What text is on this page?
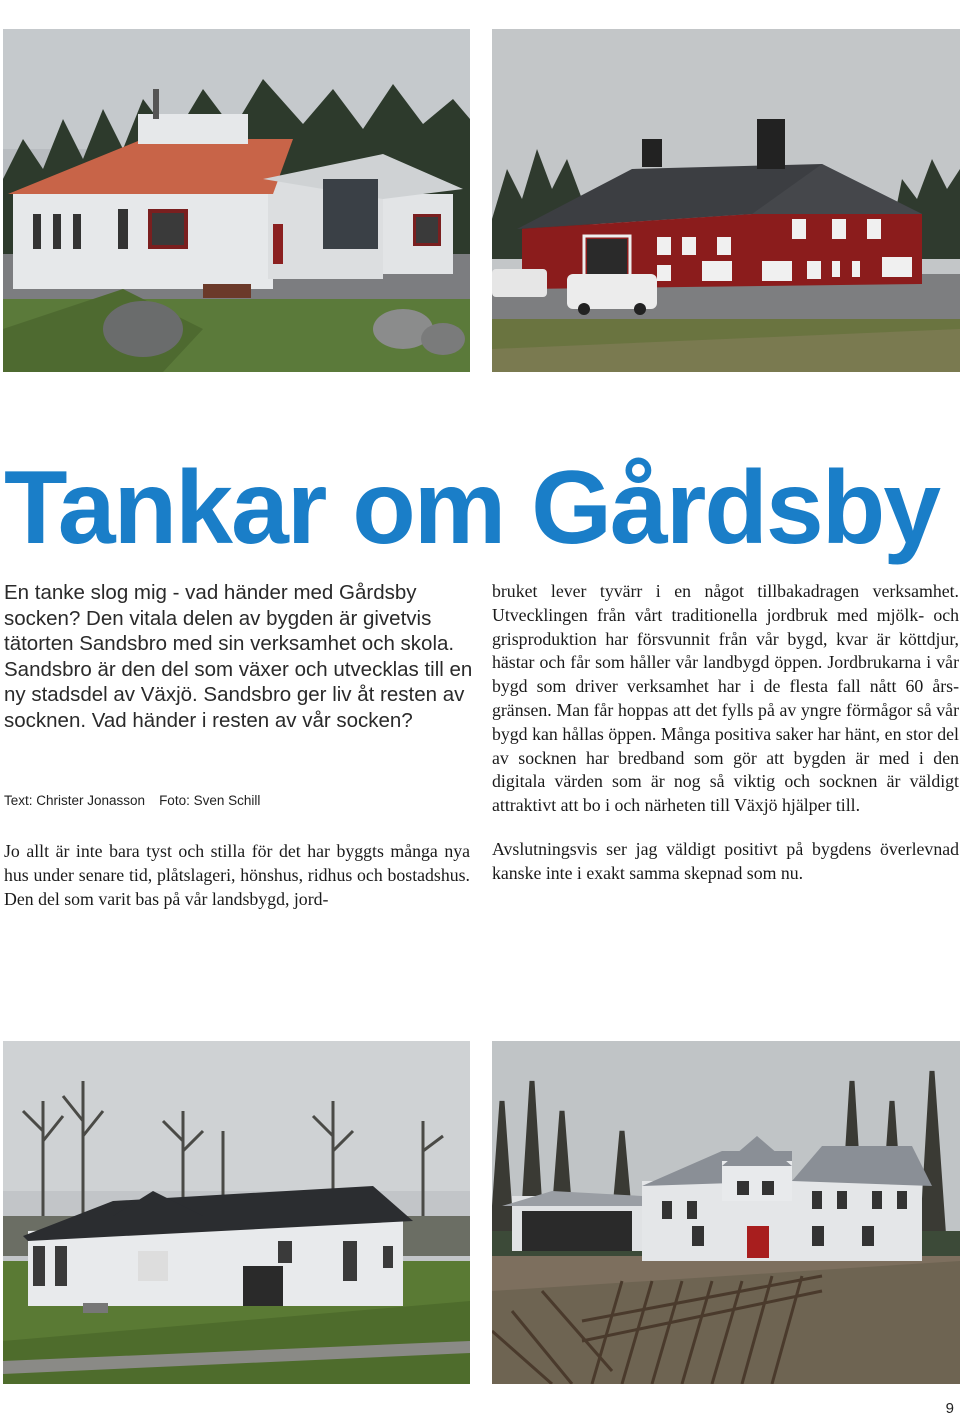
Tankar om Gårdsby

En tanke slog mig - vad händer med Gårdsby socken? Den vitala delen av bygden är givetvis tätorten Sandsbro med sin verksamhet och skola. Sandsbro är den del som växer och utvecklas till en ny stadsdel av Växjö. Sandsbro ger liv åt resten av socknen. Vad händer i resten av vår socken?

Text: Christer Jonasson Foto: Sven Schill

Jo allt är inte bara tyst och stilla för det har byggts många nya hus under senare tid, plåtslageri, hönshus, ridhus och bostadshus. Den del som varit bas på vår landsbygd, jord-

bruket lever tyvärr i en något tillbakadragen verksamhet. Utvecklingen från vårt traditionella jordbruk med mjölk- och grisproduktion har försvunnit från vår bygd, kvar är köttdjur, hästar och får som håller vår landbygd öppen. Jordbrukarna i vår bygd som driver verksamhet har i de flesta fall nått 60 års-gränsen. Man får hoppas att det fylls på av yngre förmågor så vår bygd kan hållas öppen. Många positiva saker har hänt, en stor del av socknen har bredband som gör att bygden är med i den digitala värden som är nog så viktig och socknen är väldigt attraktivt att bo i och närheten till Växjö hjälper till.

Avslutningsvis ser jag väldigt positivt på bygdens överlevnad kanske inte i exakt samma skepnad som nu.

9
